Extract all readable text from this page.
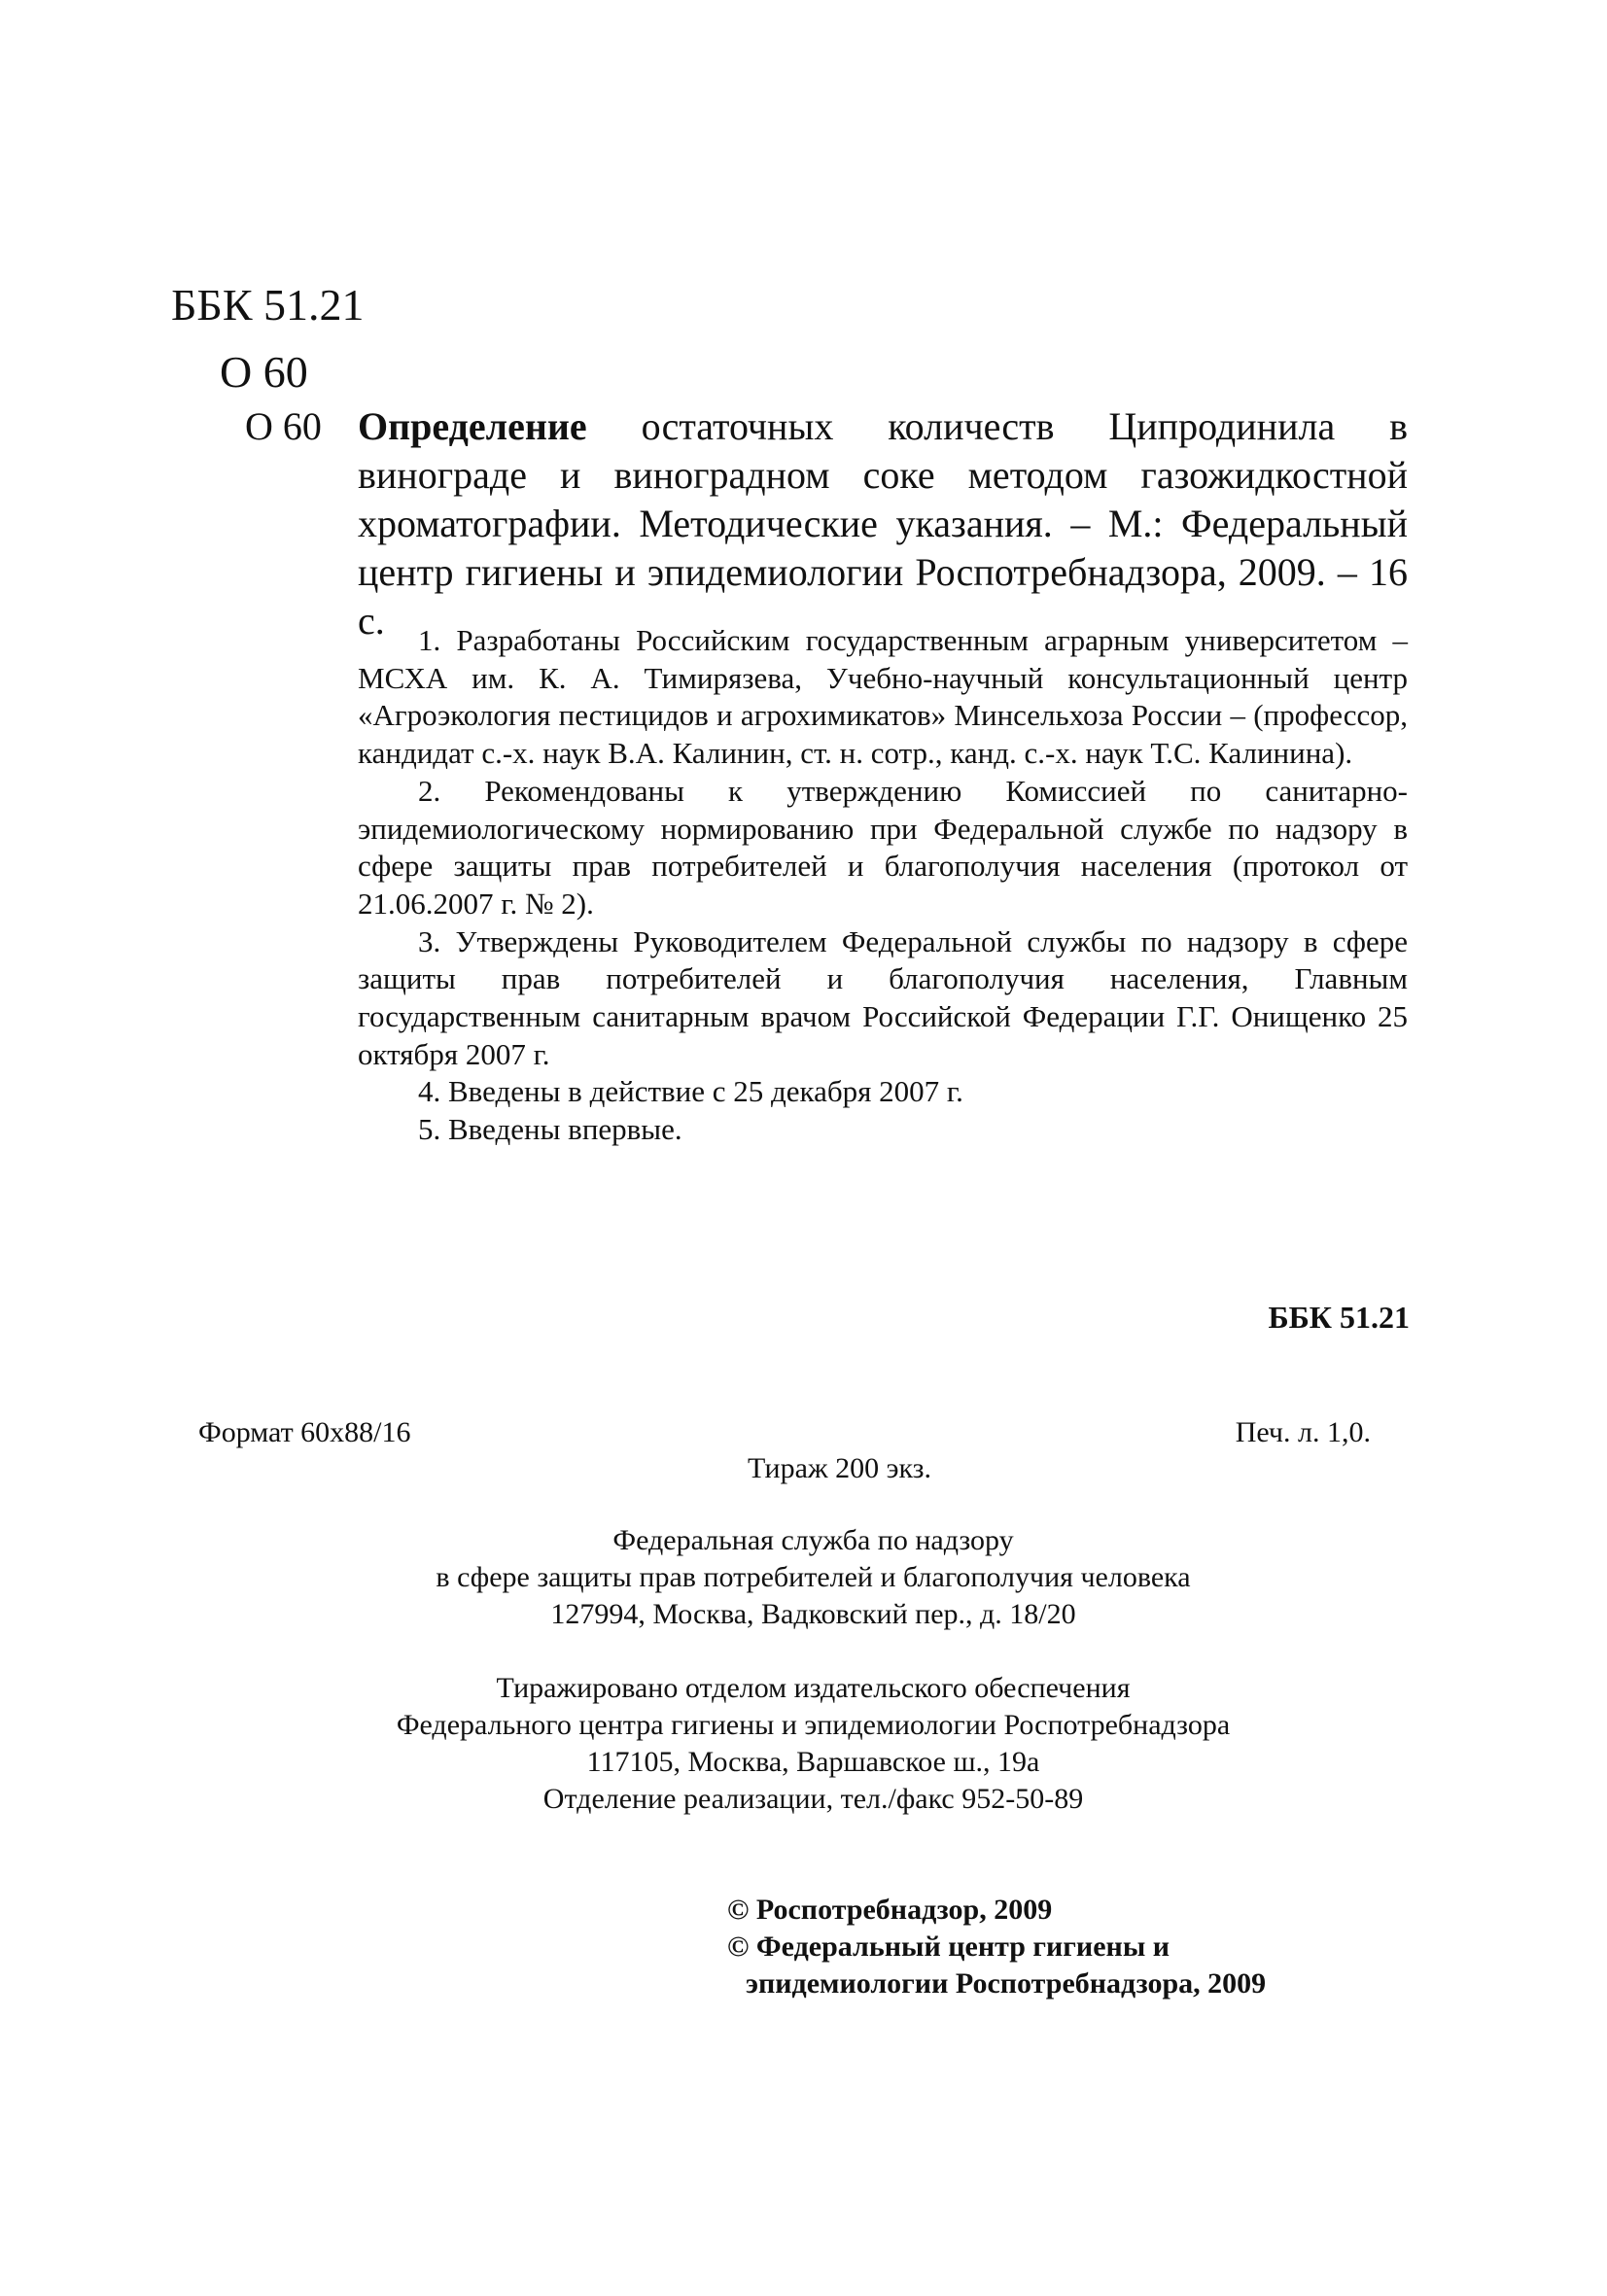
ББК 51.21
О 60
О 60 Определение остаточных количеств Ципродинила в винограде и виноградном соке методом газожидкостной хроматографии. Методические указания. – М.: Федеральный центр гигиены и эпидемиологии Роспотребнадзора, 2009. – 16 с.	1. Разработаны Российским государственным аграрным университетом – МСХА им. К. А. Тимирязева, Учебно-научный консультационный центр «Агроэкология пестицидов и агрохимикатов» Минсельхоза России – (профессор, кандидат с.-х. наук В.А. Калинин, ст. н. сотр., канд. с.-х. наук Т.С. Калинина).

2. Рекомендованы к утверждению Комиссией по санитарно-эпидемиологическому нормированию при Федеральной службе по надзору в сфере защиты прав потребителей и благополучия населения (протокол от 21.06.2007 г. № 2).

3. Утверждены Руководителем Федеральной службы по надзору в сфере защиты прав потребителей и благополучия населения, Главным государственным санитарным врачом Российской Федерации Г.Г. Онищенко 25 октября 2007 г.

4. Введены в действие с 25 декабря 2007 г.

5. Введены впервые.

ББК 51.21
Формат 60x88/16	Печ. л. 1,0.
Тираж 200 экз.
Федеральная служба по надзору
в сфере защиты прав потребителей и благополучия человека
127994, Москва, Вадковский пер., д. 18/20
Тиражировано отделом издательского обеспечения
Федерального центра гигиены и эпидемиологии Роспотребнадзора
117105, Москва, Варшавское ш., 19а
Отделение реализации, тел./факс 952-50-89
© Роспотребнадзор, 2009
© Федеральный центр гигиены и
эпидемиологии Роспотребнадзора, 2009
